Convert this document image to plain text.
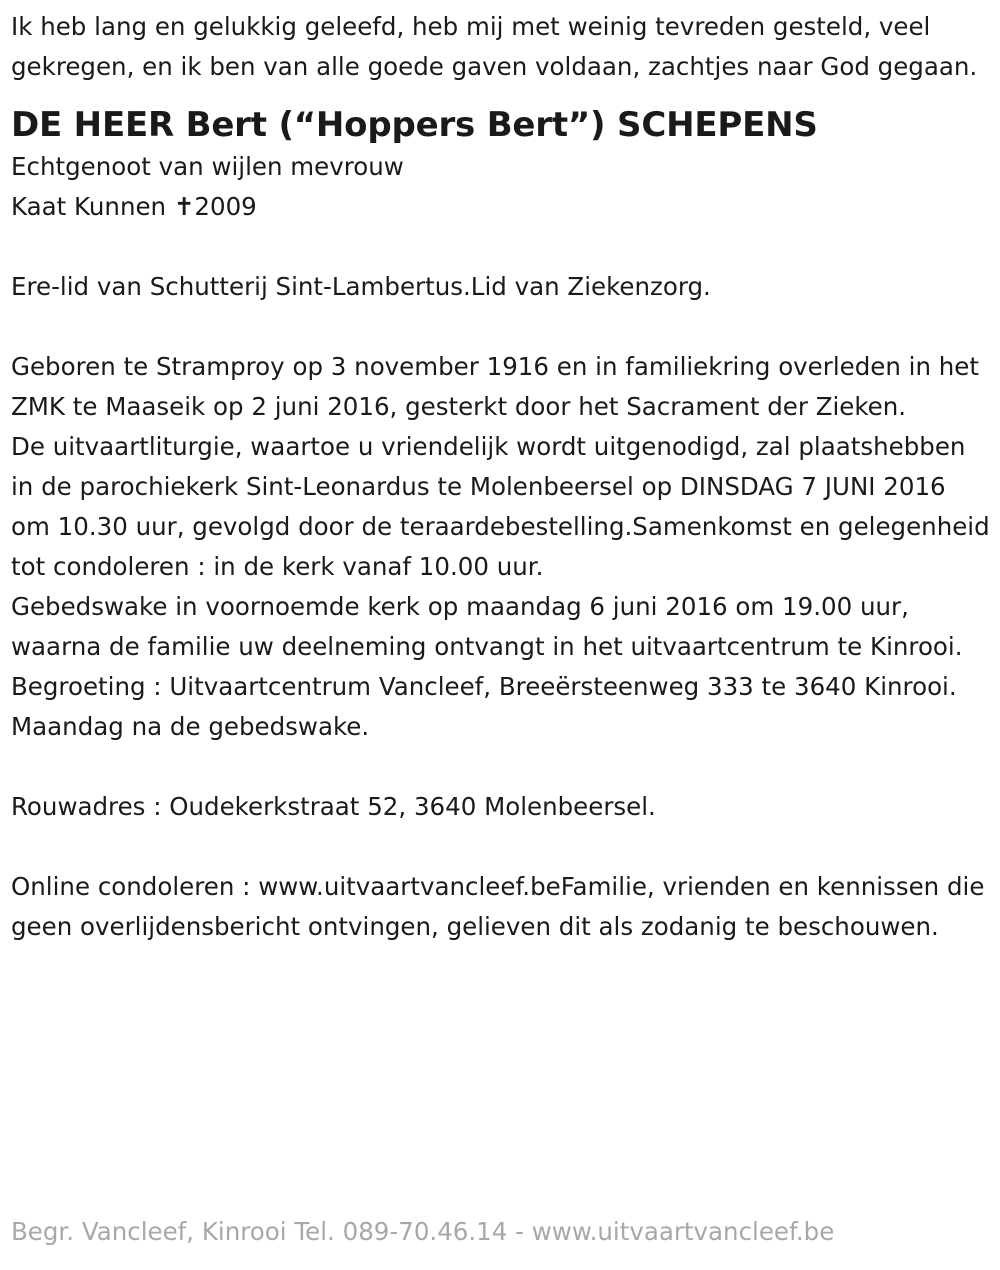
Ik heb lang en gelukkig geleefd, heb mij met weinig tevreden gesteld, veel gekregen, en ik ben van alle goede gaven voldaan, zachtjes naar God gegaan.

DE HEER Bert (“Hoppers Bert”) SCHEPENS

Echtgenoot van wijlen mevrouw

Kaat Kunnen ✝2009

Ere-lid van Schutterij Sint-Lambertus.Lid van Ziekenzorg.

Geboren te Stramproy op 3 november 1916 en in familiekring overleden in het ZMK te Maaseik op 2 juni 2016, gesterkt door het Sacrament der Zieken.

De uitvaartliturgie, waartoe u vriendelijk wordt uitgenodigd, zal plaatshebben in de parochiekerk Sint-Leonardus te Molenbeersel op DINSDAG 7 JUNI 2016 om 10.30 uur, gevolgd door de teraardebestelling.Samenkomst en gelegenheid tot condoleren : in de kerk vanaf 10.00 uur.

Gebedswake in voornoemde kerk op maandag 6 juni 2016 om 19.00 uur, waarna de familie uw deelneming ontvangt in het uitvaartcentrum te Kinrooi.

Begroeting : Uitvaartcentrum Vancleef, Breeërsteenweg 333 te 3640 Kinrooi. Maandag na de gebedswake.

Rouwadres : Oudekerkstraat 52, 3640 Molenbeersel.

Online condoleren : www.uitvaartvancleef.beFamilie, vrienden en kennissen die geen overlijdensbericht ontvingen, gelieven dit als zodanig te beschouwen.

Begr. Vancleef, Kinrooi Tel. 089-70.46.14 - www.uitvaartvancleef.be
